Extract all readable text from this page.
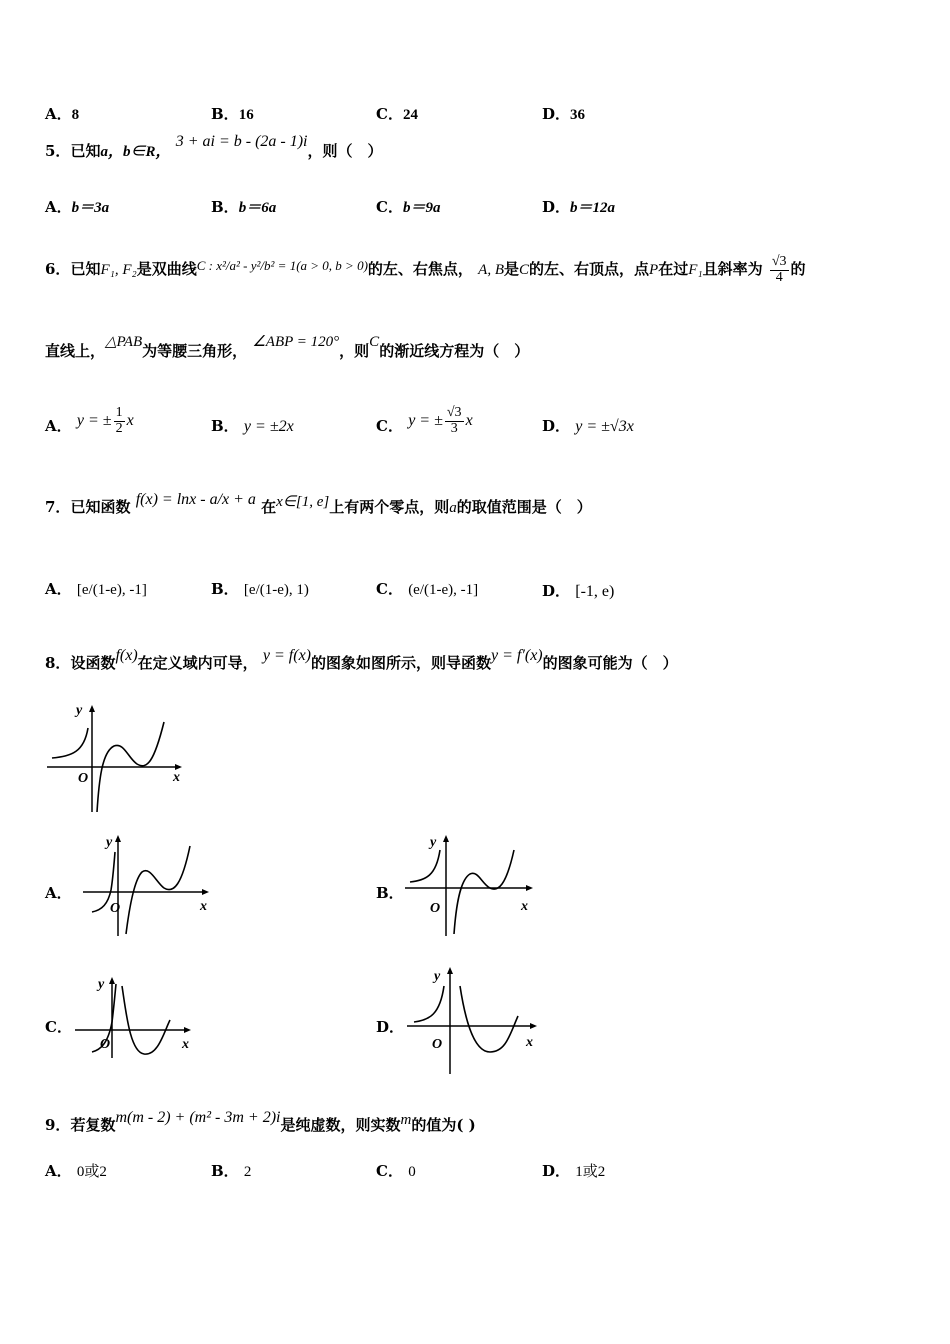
A．8	B．16	C．24	D．36
5．已知a，b∈R， 3 + ai = b - (2a - 1)i，则（　）
A．b＝3a	B．b＝6a	C．b＝9a	D．b＝12a
6．已知F₁, F₂是双曲线C : x²/a² - y²/b² = 1(a > 0, b > 0)的左、右焦点， A, B是C的左、右顶点，点P在过F₁且斜率为 $\frac{√3}{4}$ 的
直线上，△PAB为等腰三角形， ∠ABP = 120°，则C的渐近线方程为（　）
A． y = ± $\frac{1}{2}$ x	B． y = ±2x	C． y = ± $\frac{√3}{3}$ x	D． y = ±√3x
7．已知函数 f(x) = lnx - a/x + a 在x∈[1, e]上有两个零点，则a的取值范围是（　）
A． [e/(1-e), -1]	B． [e/(1-e), 1)	C． (e/(1-e), -1]	D． [-1, e)
8．设函数f(x)在定义域内可导， y = f(x)的图象如图所示，则导函数y = f′(x)的图象可能为（　）
y
x
O
A．
y
x
O
B．
y
x
O
C．
y
x
O
D．
y
x
O
9．若复数m(m - 2) + (m² - 3m + 2)i是纯虚数，则实数m的值为( )
A． 0或2	B． 2	C． 0	D． 1或2
